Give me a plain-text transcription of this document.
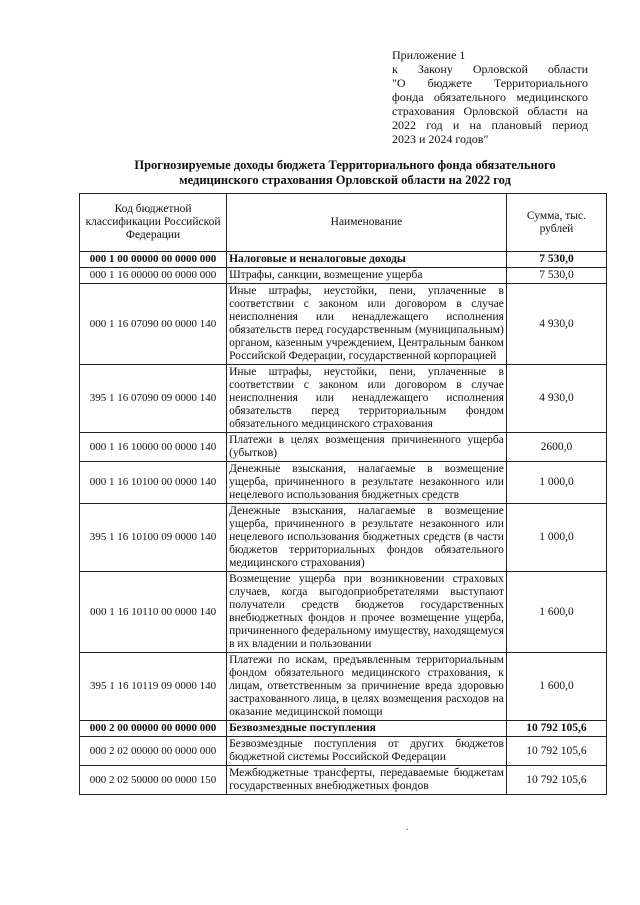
Приложение 1
к Закону Орловской области
"О бюджете Территориального
фонда обязательного медицинского
страхования Орловской области на
2022 год и на плановый период
2023 и 2024 годов"
Прогнозируемые доходы бюджета Территориального фонда обязательного
медицинского страхования Орловской области на 2022 год
Код бюджетной классификации Российской Федерации	Наименование	Сумма, тыс. рублей
000 1 00 00000 00 0000 000	Налоговые и неналоговые доходы	7 530,0
000 1 16 00000 00 0000 000	Штрафы, санкции, возмещение ущерба	7 530,0
000 1 16 07090 00 0000 140	Иные штрафы, неустойки, пени, уплаченные в соответствии с законом или договором в случае неисполнения или ненадлежащего исполнения обязательств перед государственным (муниципальным) органом, казенным учреждением, Центральным банком Российской Федерации, государственной корпорацией	4 930,0
395 1 16 07090 09 0000 140	Иные штрафы, неустойки, пени, уплаченные в соответствии с законом или договором в случае неисполнения или ненадлежащего исполнения обязательств перед территориальным фондом обязательного медицинского страхования	4 930,0
000 1 16 10000 00 0000 140	Платежи в целях возмещения причиненного ущерба (убытков)	2600,0
000 1 16 10100 00 0000 140	Денежные взыскания, налагаемые в возмещение ущерба, причиненного в результате незаконного или нецелевого использования бюджетных средств	1 000,0
395 1 16 10100 09 0000 140	Денежные взыскания, налагаемые в возмещение ущерба, причиненного в результате незаконного или нецелевого использования бюджетных средств (в части бюджетов территориальных фондов обязательного медицинского страхования)	1 000,0
000 1 16 10110 00 0000 140	Возмещение ущерба при возникновении страховых случаев, когда выгодоприобретателями выступают получатели средств бюджетов государственных внебюджетных фондов и прочее возмещение ущерба, причиненного федеральному имуществу, находящемуся в их владении и пользовании	1 600,0
395 1 16 10119 09 0000 140	Платежи по искам, предъявленным территориальным фондом обязательного медицинского страхования, к лицам, ответственным за причинение вреда здоровью застрахованного лица, в целях возмещения расходов на оказание медицинской помощи	1 600,0
000 2 00 00000 00 0000 000	Безвозмездные поступления	10 792 105,6
000 2 02 00000 00 0000 000	Безвозмездные поступления от других бюджетов бюджетной системы Российской Федерации	10 792 105,6
000 2 02 50000 00 0000 150	Межбюджетные трансферты, передаваемые бюджетам государственных внебюджетных фондов	10 792 105,6
.
